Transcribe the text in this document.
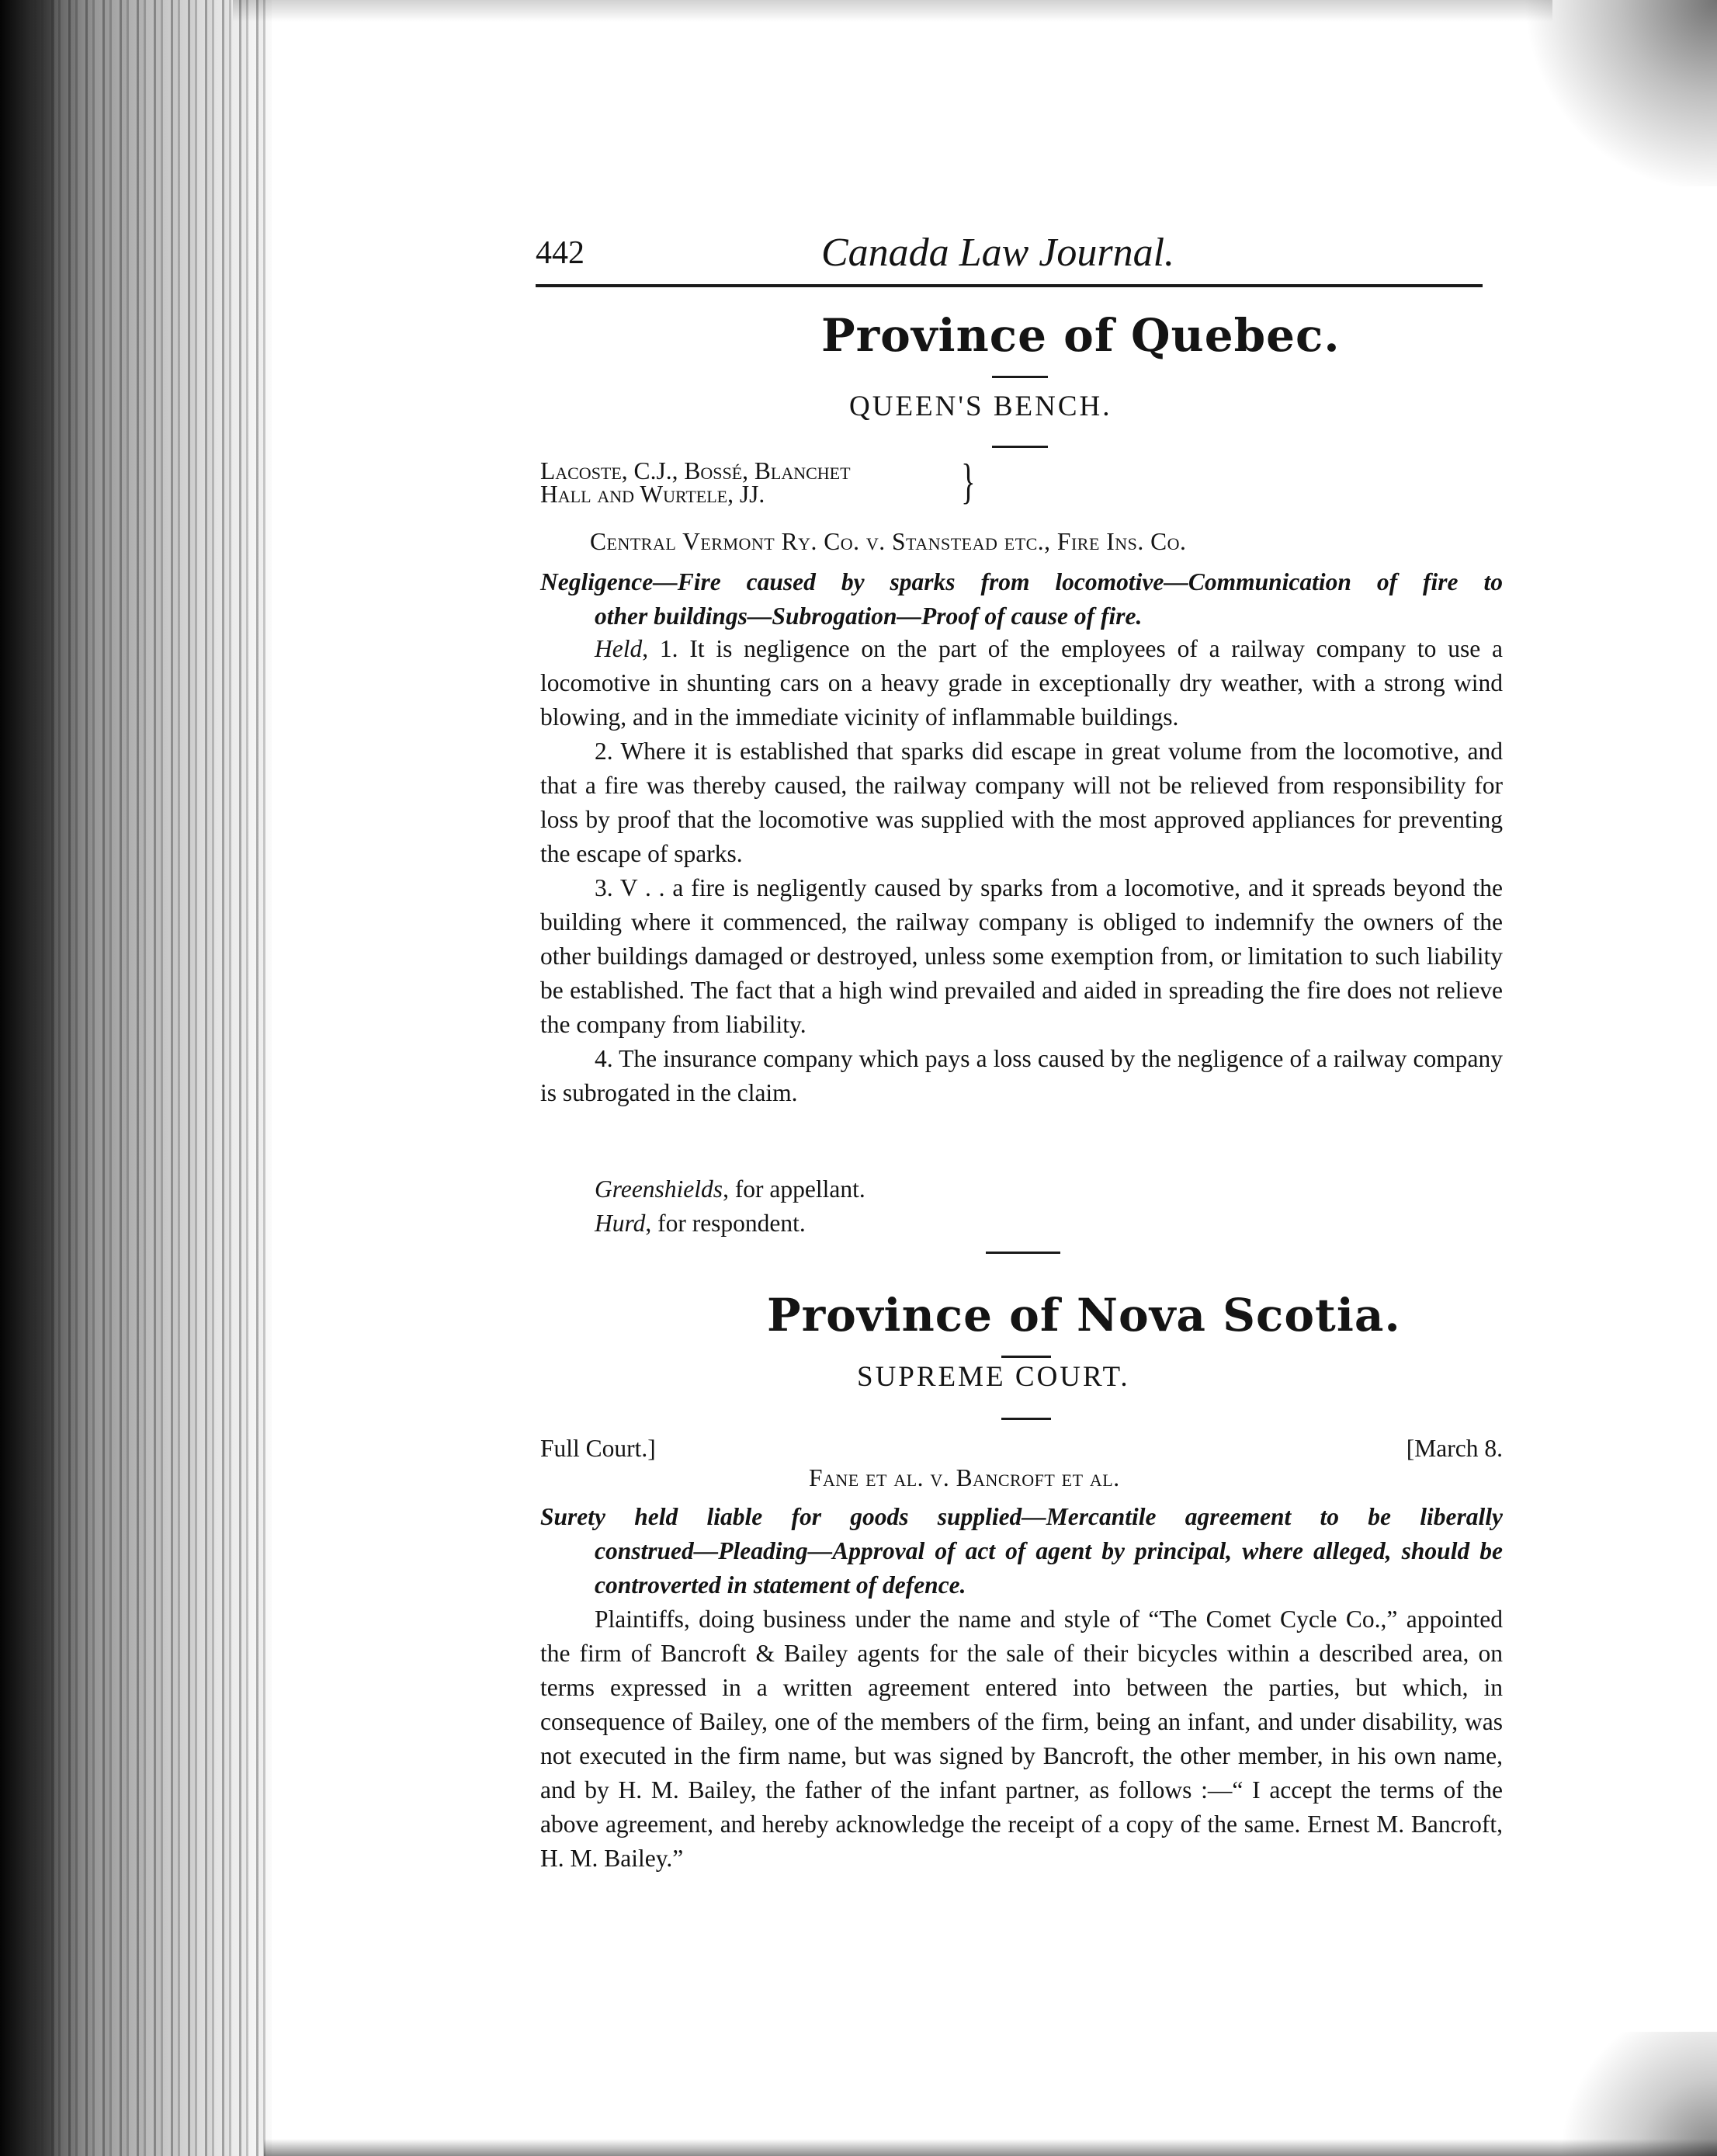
442	Canada Law Journal.
Province of Quebec.
QUEEN'S BENCH.
Lacoste, C.J., Bossé, Blanchet
Hall and Wurtele, JJ.	}
Central Vermont Ry. Co. v. Stanstead etc., Fire Ins. Co.
Negligence—Fire caused by sparks from locomotive—Communication of fire to
other buildings—Subrogation—Proof of cause of fire.

Held, 1. It is negligence on the part of the employees of a railway company to use a locomotive in shunting cars on a heavy grade in exceptionally dry weather, with a strong wind blowing, and in the immediate vicinity of inflammable buildings.

2. Where it is established that sparks did escape in great volume from the locomotive, and that a fire was thereby caused, the railway company will not be relieved from responsibility for loss by proof that the locomotive was supplied with the most approved appliances for preventing the escape of sparks.

3. V . . a fire is negligently caused by sparks from a locomotive, and it spreads beyond the building where it commenced, the railway company is obliged to indemnify the owners of the other buildings damaged or destroyed, unless some exemption from, or limitation to such liability be established. The fact that a high wind prevailed and aided in spreading the fire does not relieve the company from liability.

4. The insurance company which pays a loss caused by the negligence of a railway company is subrogated in the claim.

Greenshields, for appellant.
Hurd, for respondent.
Province of Nova Scotia.
SUPREME COURT.
Full Court.]	[March 8.
Fane et al. v. Bancroft et al.
Surety held liable for goods supplied—Mercantile agreement to be liberally
construed—Pleading—Approval of act of agent by principal, where alleged, should be controverted in statement of defence.

Plaintiffs, doing business under the name and style of “The Comet Cycle Co.,” appointed the firm of Bancroft & Bailey agents for the sale of their bicycles within a described area, on terms expressed in a written agreement entered into between the parties, but which, in consequence of Bailey, one of the members of the firm, being an infant, and under disability, was not executed in the firm name, but was signed by Bancroft, the other member, in his own name, and by H. M. Bailey, the father of the infant partner, as follows :—“ I accept the terms of the above agreement, and hereby acknowledge the receipt of a copy of the same. Ernest M. Bancroft, H. M. Bailey.”
